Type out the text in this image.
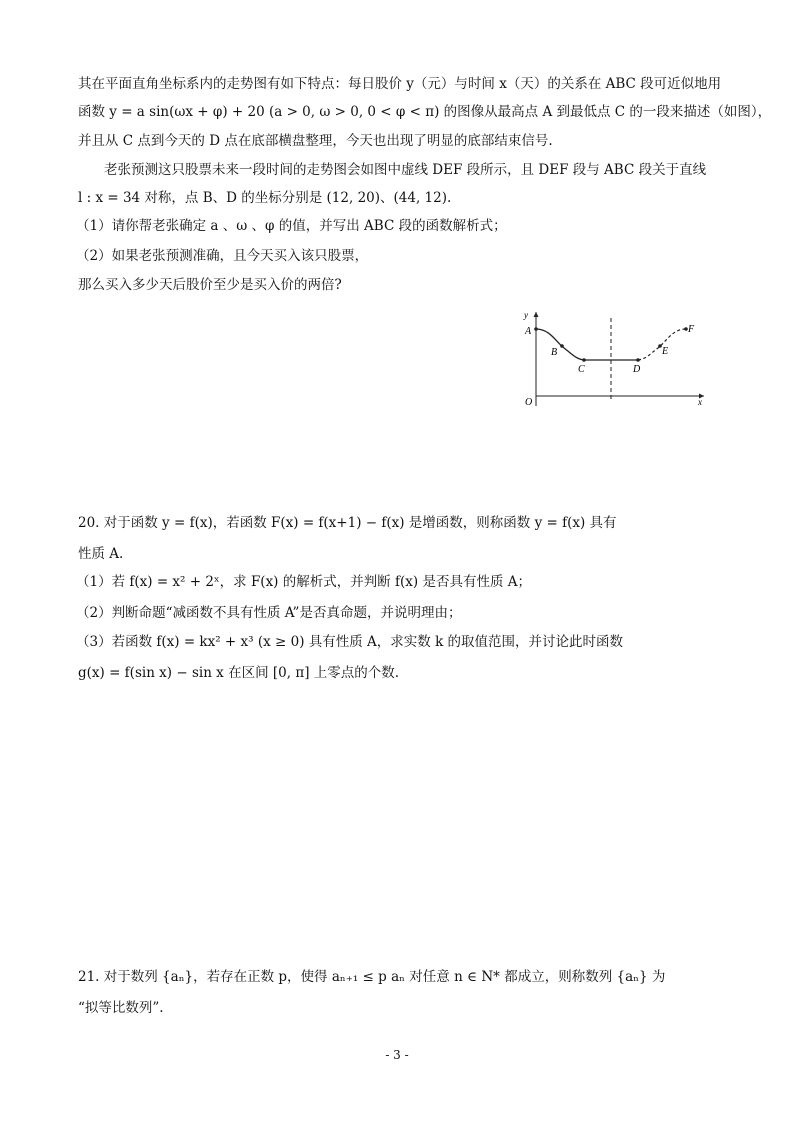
其在平面直角坐标系内的走势图有如下特点：每日股价 y（元）与时间 x（天）的关系在 ABC 段可近似地用
函数 y = a sin(ωx + φ) + 20 (a > 0, ω > 0, 0 < φ < π) 的图像从最高点 A 到最低点 C 的一段来描述（如图），
并且从 C 点到今天的 D 点在底部横盘整理，今天也出现了明显的底部结束信号.
老张预测这只股票未来一段时间的走势图会如图中虚线 DEF 段所示，且 DEF 段与 ABC 段关于直线
l : x = 34 对称，点 B、D 的坐标分别是 (12, 20)、(44, 12).
（1）请你帮老张确定 a 、ω 、φ 的值，并写出 ABC 段的函数解析式；
（2）如果老张预测准确，且今天买入该只股票，
那么买入多少天后股价至少是买入价的两倍?
y
x
O
A
B
C	D
E
F
20. 对于函数 y = f(x)，若函数 F(x) = f(x+1) − f(x) 是增函数，则称函数 y = f(x) 具有
性质 A.
（1）若 f(x) = x² + 2ˣ，求 F(x) 的解析式，并判断 f(x) 是否具有性质 A；
（2）判断命题“减函数不具有性质 A”是否真命题，并说明理由；
（3）若函数 f(x) = kx² + x³ (x ≥ 0) 具有性质 A，求实数 k 的取值范围，并讨论此时函数
g(x) = f(sin x) − sin x 在区间 [0, π] 上零点的个数.
21. 对于数列 {aₙ}，若存在正数 p，使得 aₙ₊₁ ≤ p aₙ 对任意 n ∈ N* 都成立，则称数列 {aₙ} 为
“拟等比数列”.
- 3 -
